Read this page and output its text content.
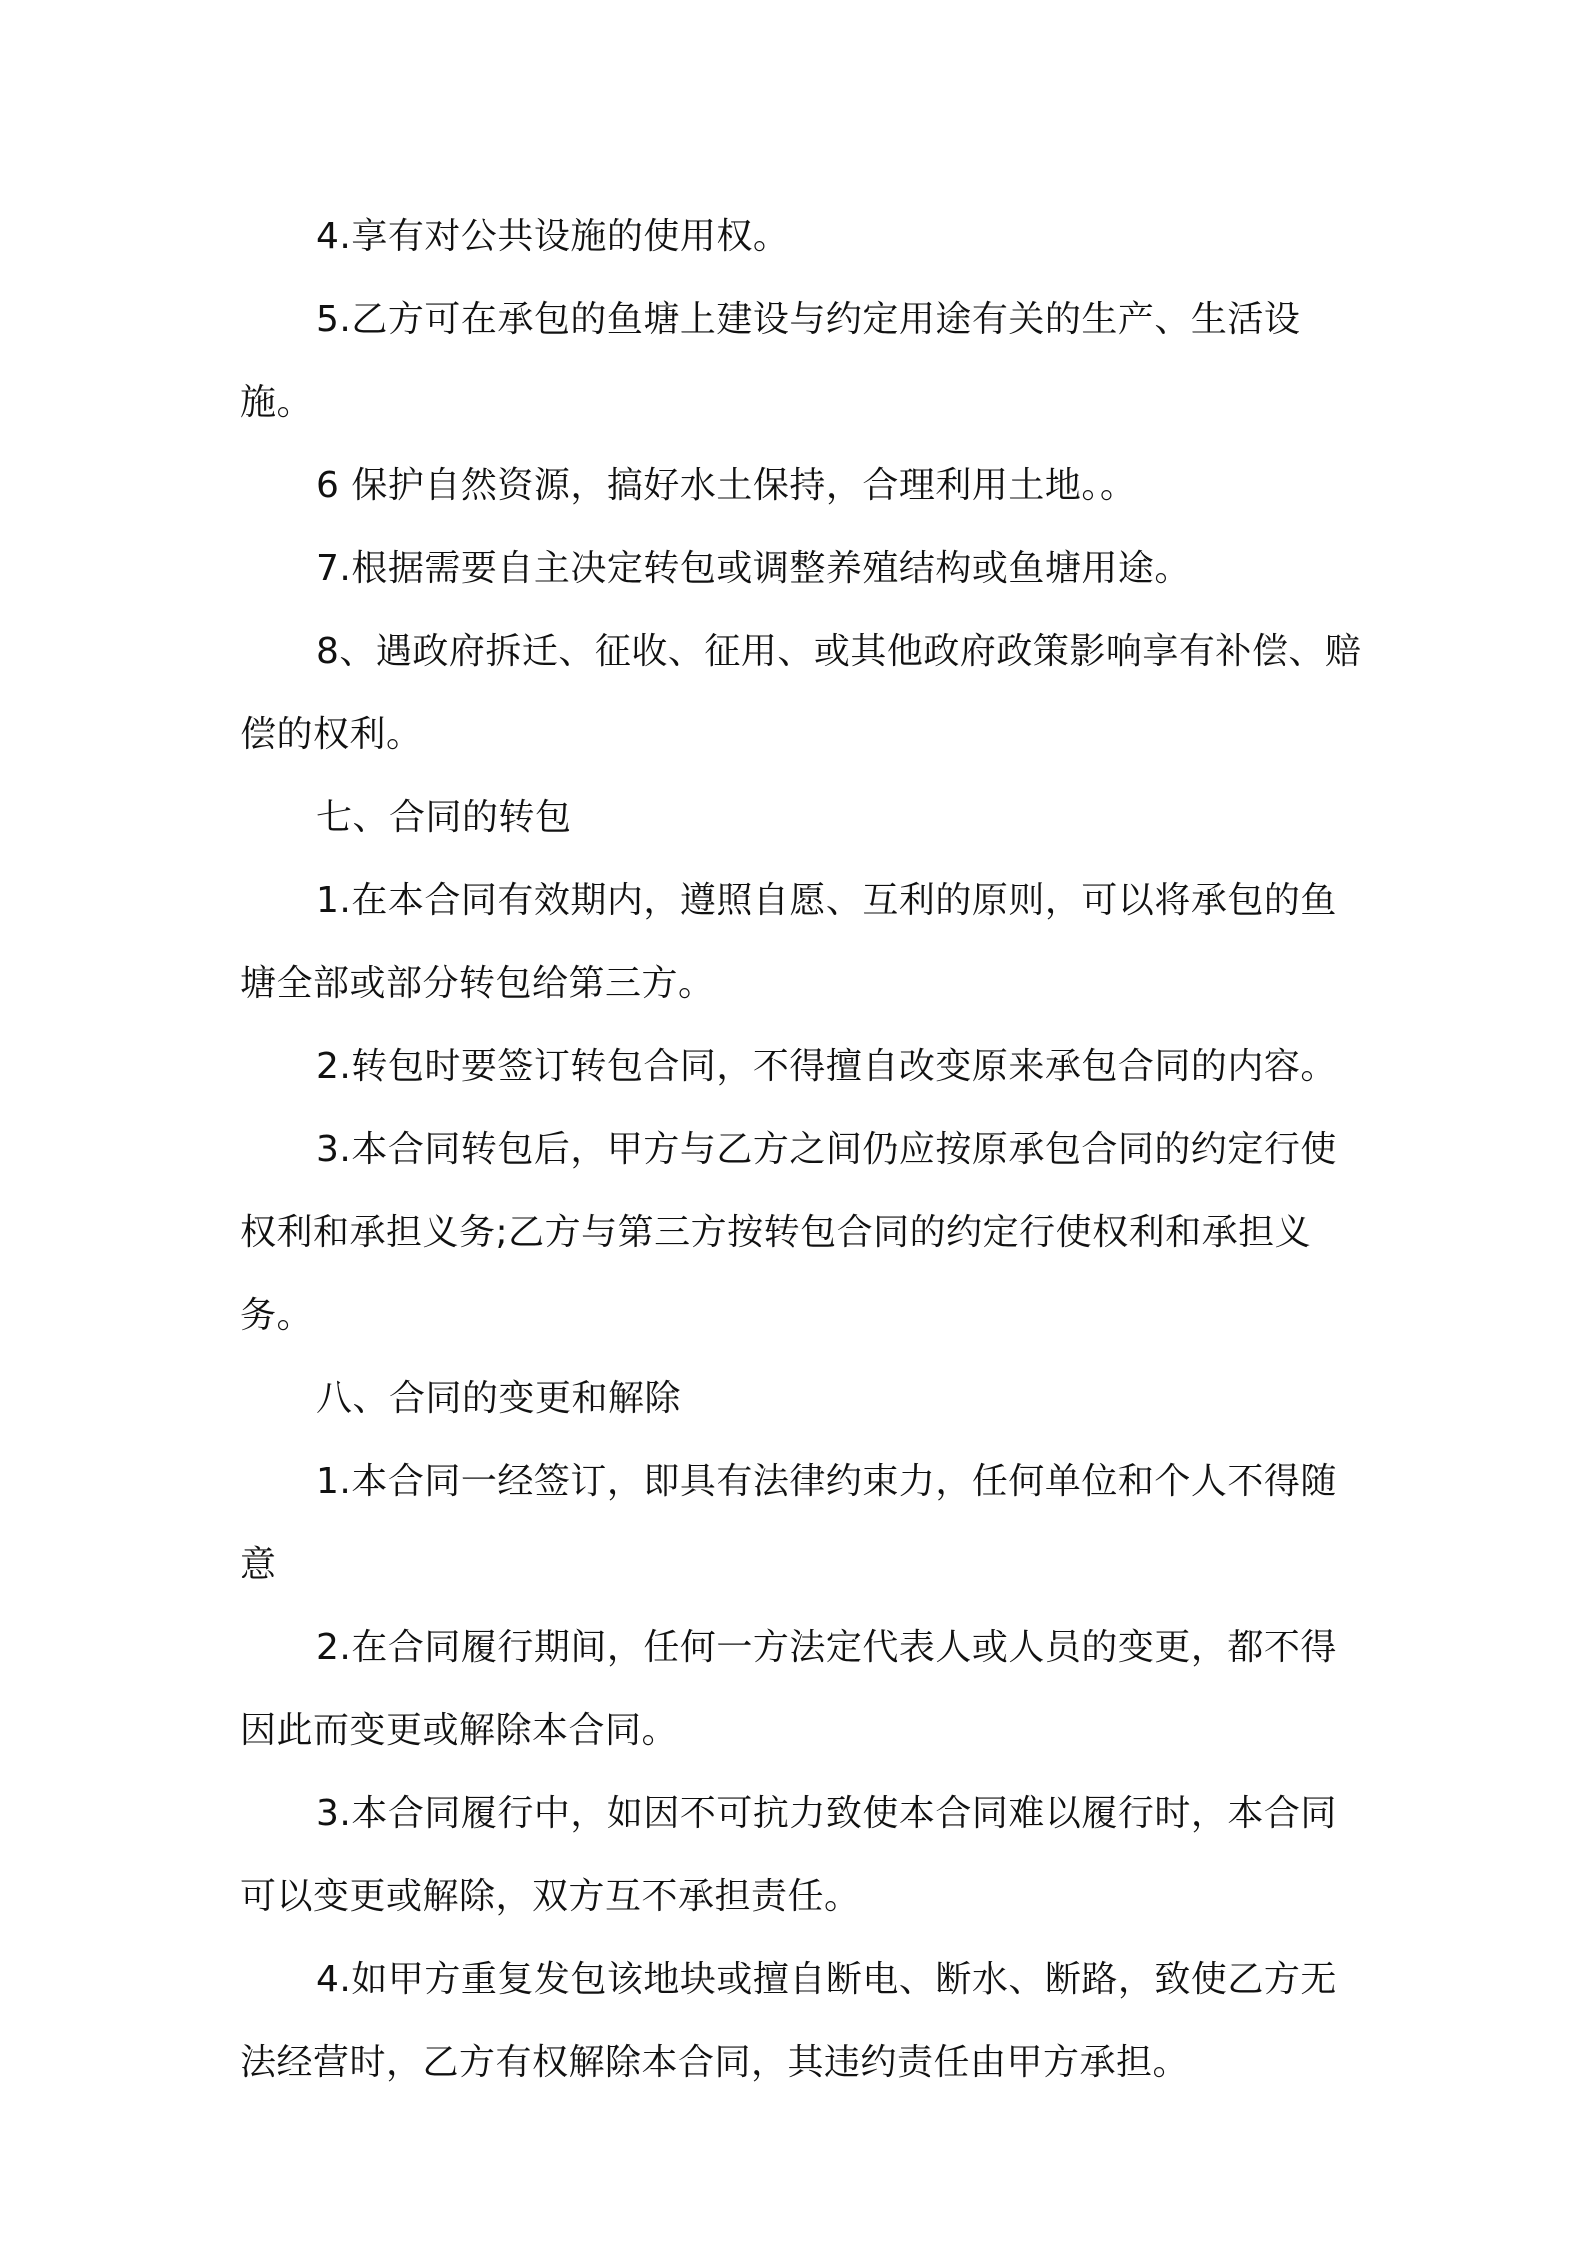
4.享有对公共设施的使用权。

5.乙方可在承包的鱼塘上建设与约定用途有关的生产、生活设施。

6 保护自然资源，搞好水土保持，合理利用土地。。

7.根据需要自主决定转包或调整养殖结构或鱼塘用途。

8、遇政府拆迁、征收、征用、或其他政府政策影响享有补偿、赔偿的权利。

七、合同的转包

1.在本合同有效期内，遵照自愿、互利的原则，可以将承包的鱼塘全部或部分转包给第三方。

2.转包时要签订转包合同，不得擅自改变原来承包合同的内容。

3.本合同转包后，甲方与乙方之间仍应按原承包合同的约定行使权利和承担义务;乙方与第三方按转包合同的约定行使权利和承担义务。

八、合同的变更和解除

1.本合同一经签订，即具有法律约束力，任何单位和个人不得随意

2.在合同履行期间，任何一方法定代表人或人员的变更，都不得因此而变更或解除本合同。

3.本合同履行中，如因不可抗力致使本合同难以履行时，本合同可以变更或解除，双方互不承担责任。

4.如甲方重复发包该地块或擅自断电、断水、断路，致使乙方无法经营时，乙方有权解除本合同，其违约责任由甲方承担。
